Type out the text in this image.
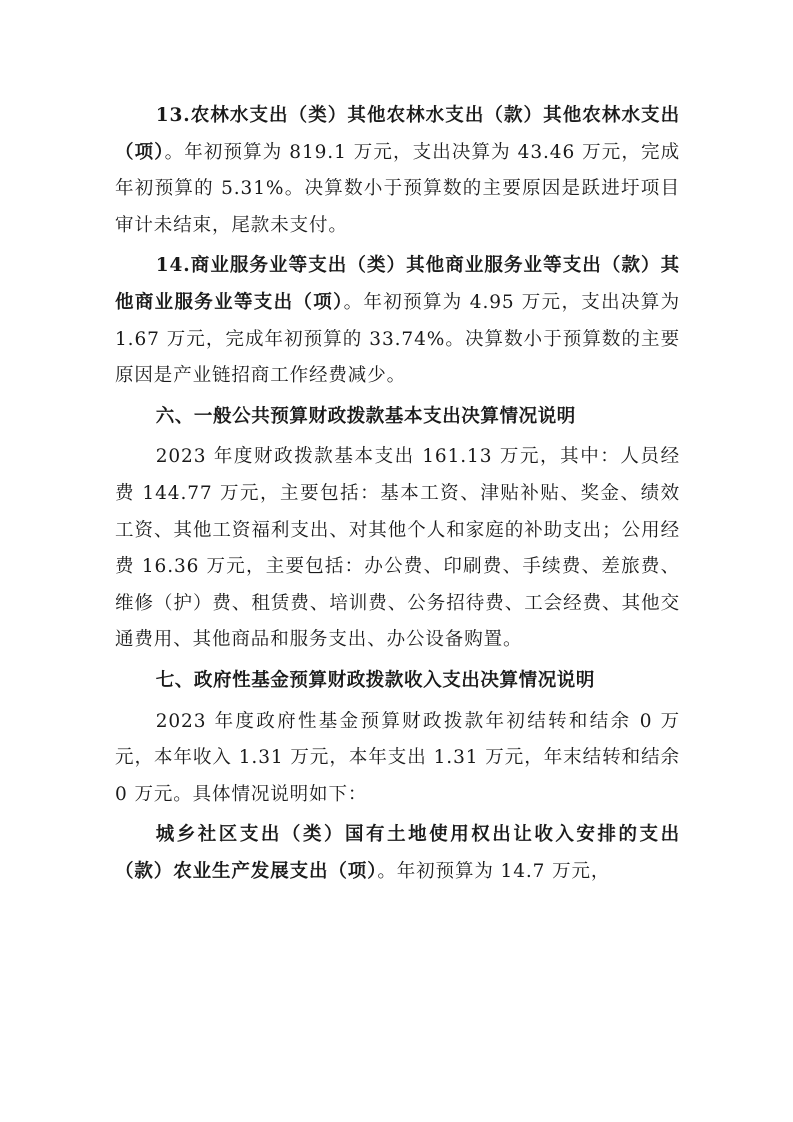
13.农林水支出（类）其他农林水支出（款）其他农林水支出（项）。年初预算为 819.1 万元，支出决算为 43.46 万元，完成年初预算的 5.31%。决算数小于预算数的主要原因是跃进圩项目审计未结束，尾款未支付。

14.商业服务业等支出（类）其他商业服务业等支出（款）其他商业服务业等支出（项）。年初预算为 4.95 万元，支出决算为 1.67 万元，完成年初预算的 33.74%。决算数小于预算数的主要原因是产业链招商工作经费减少。

六、一般公共预算财政拨款基本支出决算情况说明

2023 年度财政拨款基本支出 161.13 万元，其中：人员经费 144.77 万元，主要包括：基本工资、津贴补贴、奖金、绩效工资、其他工资福利支出、对其他个人和家庭的补助支出；公用经费 16.36 万元，主要包括：办公费、印刷费、手续费、差旅费、维修（护）费、租赁费、培训费、公务招待费、工会经费、其他交通费用、其他商品和服务支出、办公设备购置。

七、政府性基金预算财政拨款收入支出决算情况说明

2023 年度政府性基金预算财政拨款年初结转和结余 0 万元，本年收入 1.31 万元，本年支出 1.31 万元，年末结转和结余 0 万元。具体情况说明如下：

城乡社区支出（类）国有土地使用权出让收入安排的支出（款）农业生产发展支出（项）。年初预算为 14.7 万元，
